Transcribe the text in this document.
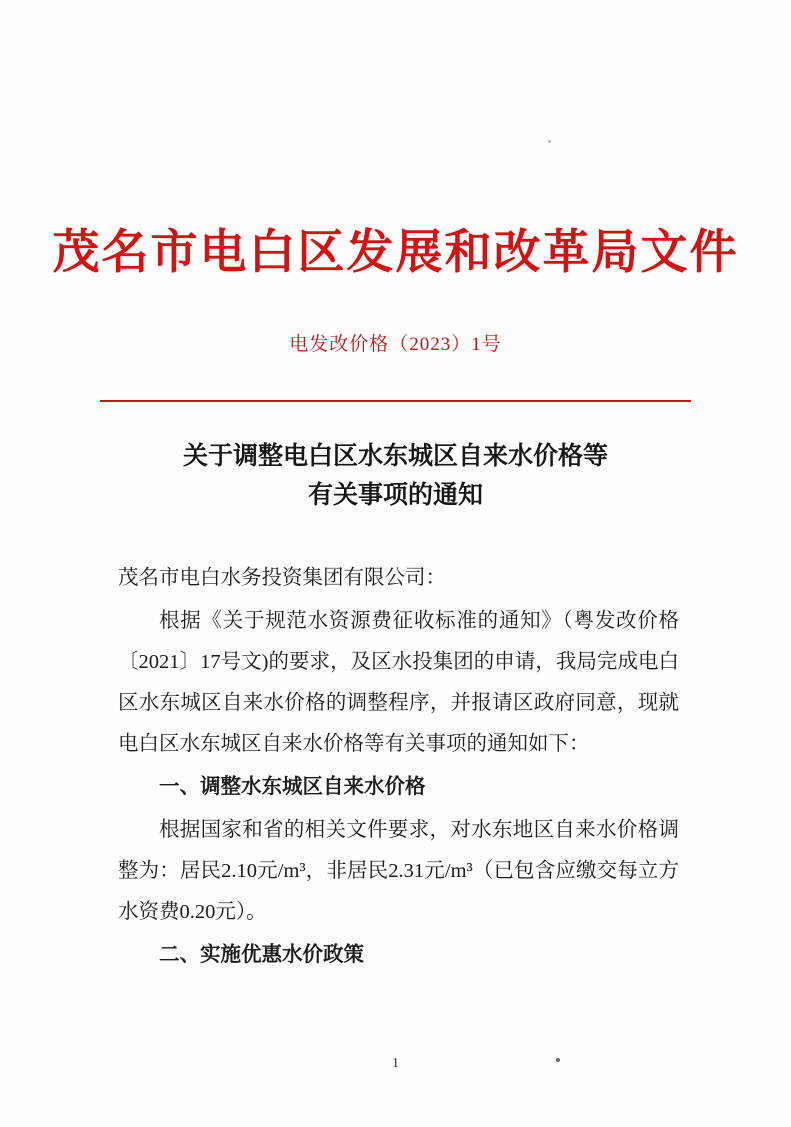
茂名市电白区发展和改革局文件
电发改价格（2023）1号
关于调整电白区水东城区自来水价格等
有关事项的通知

茂名市电白水务投资集团有限公司：

根据《关于规范水资源费征收标准的通知》（粤发改价格〔2021〕17号文)的要求，及区水投集团的申请，我局完成电白区水东城区自来水价格的调整程序，并报请区政府同意，现就电白区水东城区自来水价格等有关事项的通知如下：

一、调整水东城区自来水价格

根据国家和省的相关文件要求，对水东地区自来水价格调整为：居民2.10元/m³，非居民2.31元/m³（已包含应缴交每立方水资费0.20元）。

二、实施优惠水价政策

1
